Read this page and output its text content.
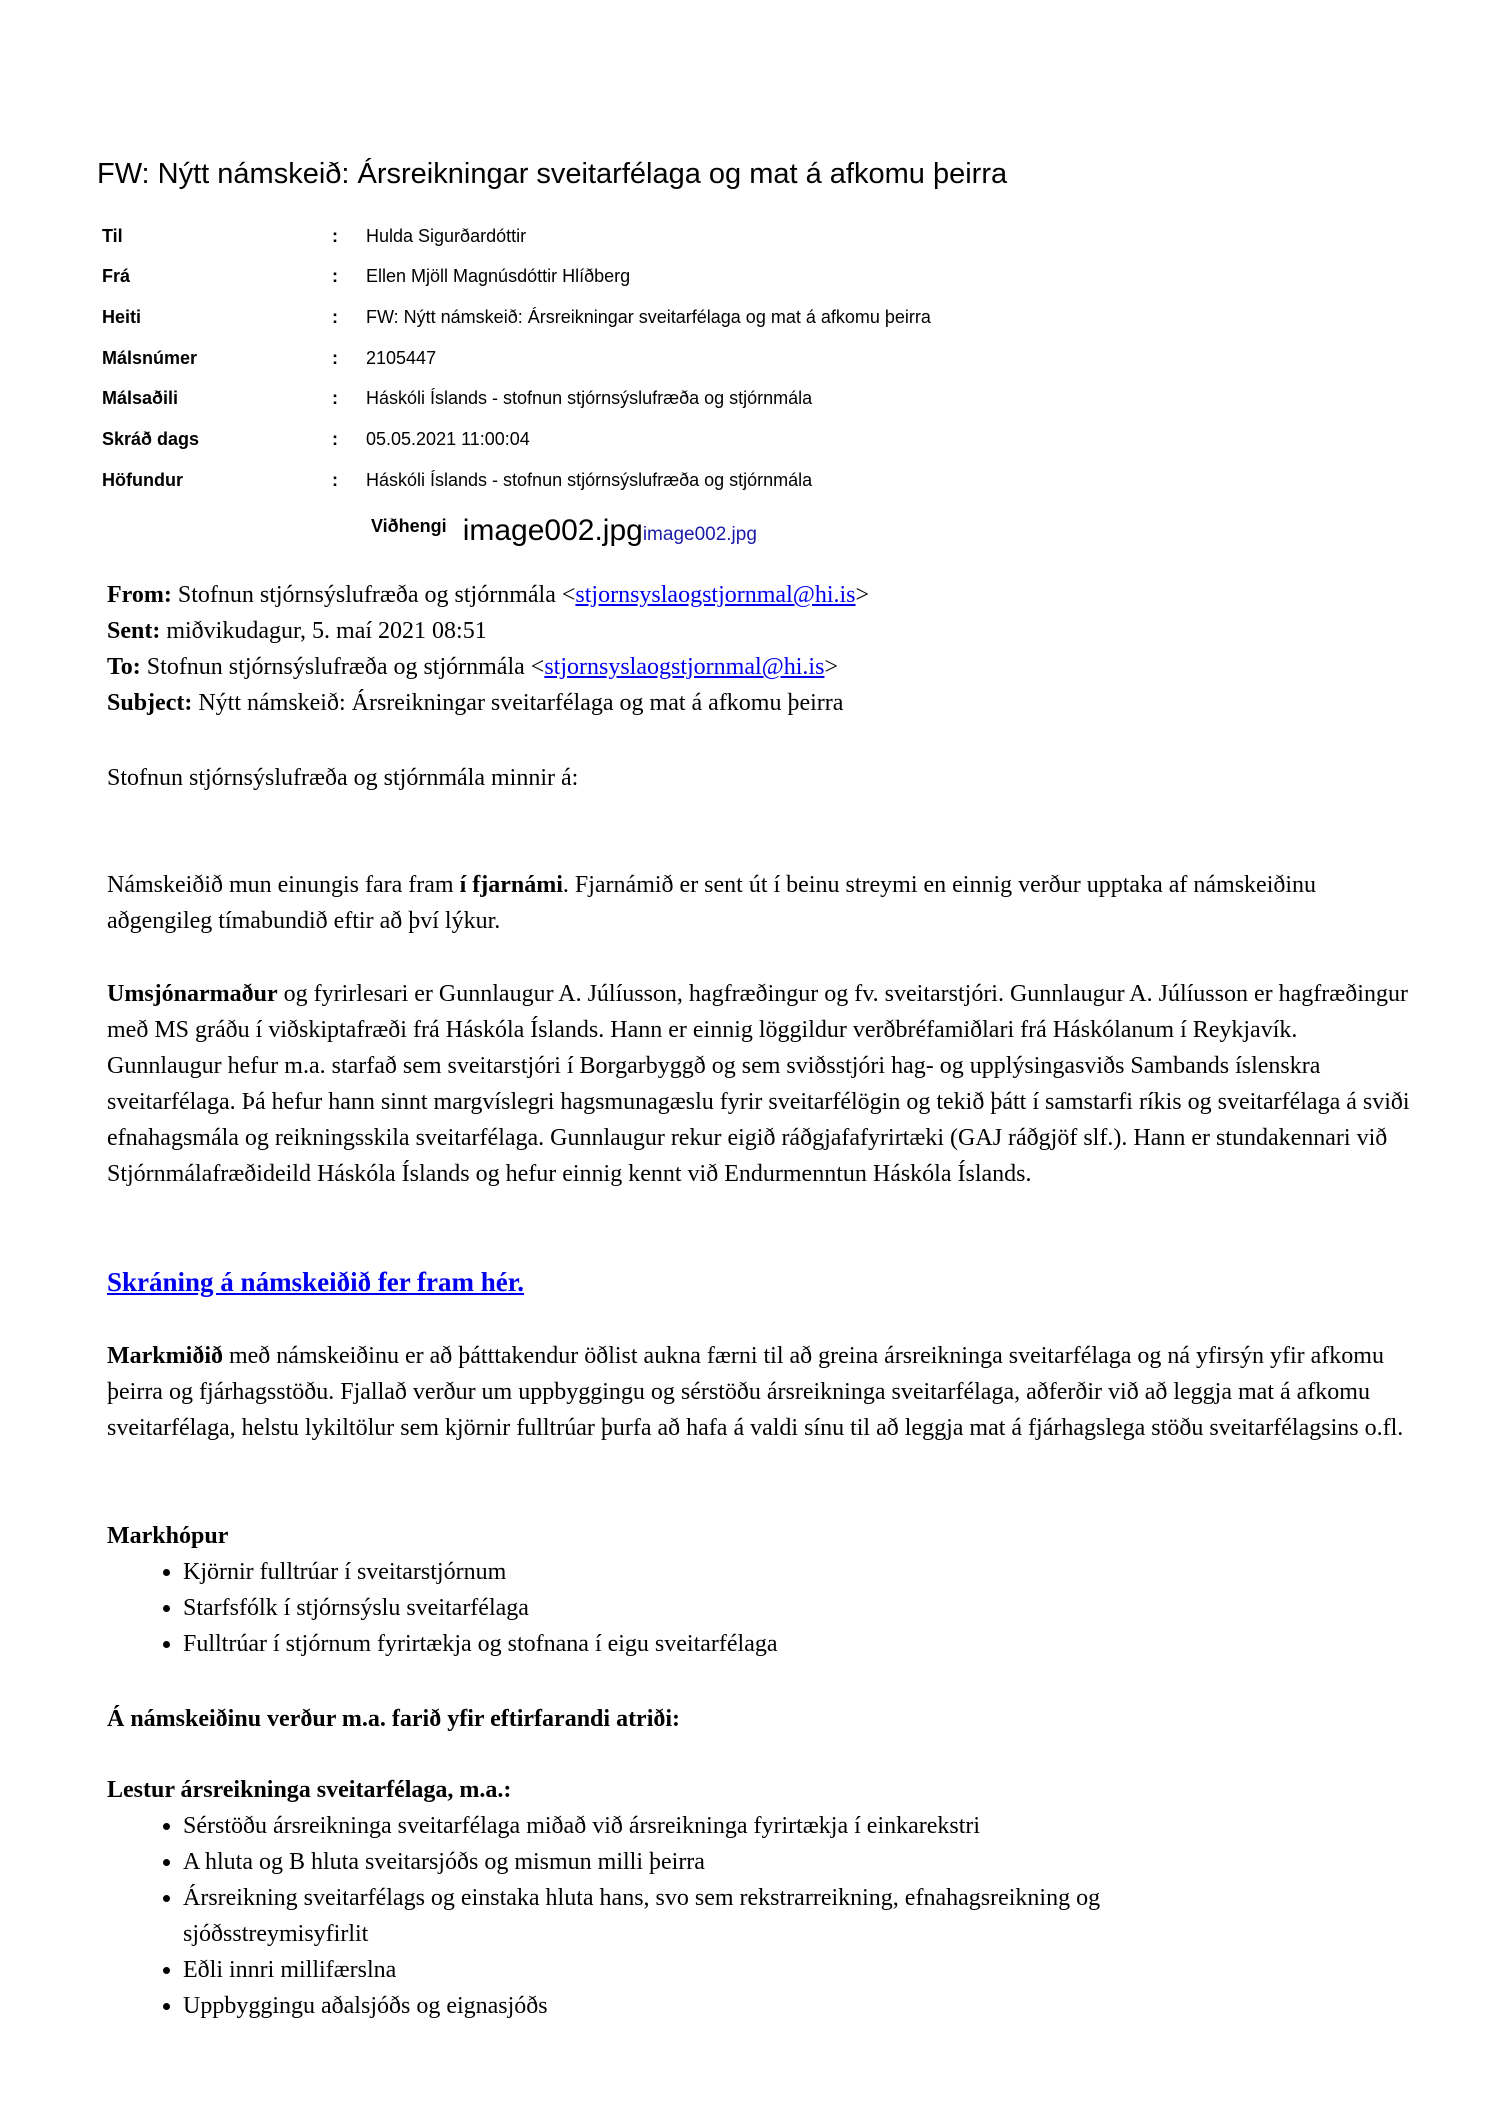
FW: Nýtt námskeið: Ársreikningar sveitarfélaga og mat á afkomu þeirra
Til	: Hulda Sigurðardóttir
Frá	: Ellen Mjöll Magnúsdóttir Hlíðberg
Heiti	: FW: Nýtt námskeið: Ársreikningar sveitarfélaga og mat á afkomu þeirra
Málsnúmer	: 2105447
Málsaðili	: Háskóli Íslands - stofnun stjórnsýslufræða og stjórnmála
Skráð dags	: 05.05.2021 11:00:04
Höfundur	: Háskóli Íslands - stofnun stjórnsýslufræða og stjórnmála
Viðhengi image002.jpgimage002.jpg
From: Stofnun stjórnsýslufræða og stjórnmála <stjornsyslaogstjornmal@hi.is>
Sent: miðvikudagur, 5. maí 2021 08:51
To: Stofnun stjórnsýslufræða og stjórnmála <stjornsyslaogstjornmal@hi.is>
Subject: Nýtt námskeið: Ársreikningar sveitarfélaga og mat á afkomu þeirra

Stofnun stjórnsýslufræða og stjórnmála minnir á:

Námskeiðið mun einungis fara fram í fjarnámi. Fjarnámið er sent út í beinu streymi en einnig verður upptaka af námskeiðinu aðgengileg tímabundið eftir að því lýkur.

Umsjónarmaður og fyrirlesari er Gunnlaugur A. Júlíusson, hagfræðingur og fv. sveitarstjóri. Gunnlaugur A. Júlíusson er hagfræðingur með MS gráðu í viðskiptafræði frá Háskóla Íslands. Hann er einnig löggildur verðbréfamiðlari frá Háskólanum í Reykjavík. Gunnlaugur hefur m.a. starfað sem sveitarstjóri í Borgarbyggð og sem sviðsstjóri hag- og upplýsingasviðs Sambands íslenskra sveitarfélaga. Þá hefur hann sinnt margvíslegri hagsmunagæslu fyrir sveitarfélögin og tekið þátt í samstarfi ríkis og sveitarfélaga á sviði efnahagsmála og reikningsskila sveitarfélaga. Gunnlaugur rekur eigið ráðgjafafyrirtæki (GAJ ráðgjöf slf.). Hann er stundakennari við Stjórnmálafræðideild Háskóla Íslands og hefur einnig kennt við Endurmenntun Háskóla Íslands.

Skráning á námskeiðið fer fram hér.

Markmiðið með námskeiðinu er að þátttakendur öðlist aukna færni til að greina ársreikninga sveitarfélaga og ná yfirsýn yfir afkomu þeirra og fjárhagsstöðu. Fjallað verður um uppbyggingu og sérstöðu ársreikninga sveitarfélaga, aðferðir við að leggja mat á afkomu sveitarfélaga, helstu lykiltölur sem kjörnir fulltrúar þurfa að hafa á valdi sínu til að leggja mat á fjárhagslega stöðu sveitarfélagsins o.fl.

Markhópur
• Kjörnir fulltrúar í sveitarstjórnum
• Starfsfólk í stjórnsýslu sveitarfélaga
• Fulltrúar í stjórnum fyrirtækja og stofnana í eigu sveitarfélaga
Á námskeiðinu verður m.a. farið yfir eftirfarandi atriði:
Lestur ársreikninga sveitarfélaga, m.a.:
• Sérstöðu ársreikninga sveitarfélaga miðað við ársreikninga fyrirtækja í einkarekstri
• A hluta og B hluta sveitarsjóðs og mismun milli þeirra
• Ársreikning sveitarfélags og einstaka hluta hans, svo sem rekstrarreikning, efnahagsreikning og sjóðsstreymisyfirlit
• Eðli innri millifærslna
• Uppbyggingu aðalsjóðs og eignasjóðs
